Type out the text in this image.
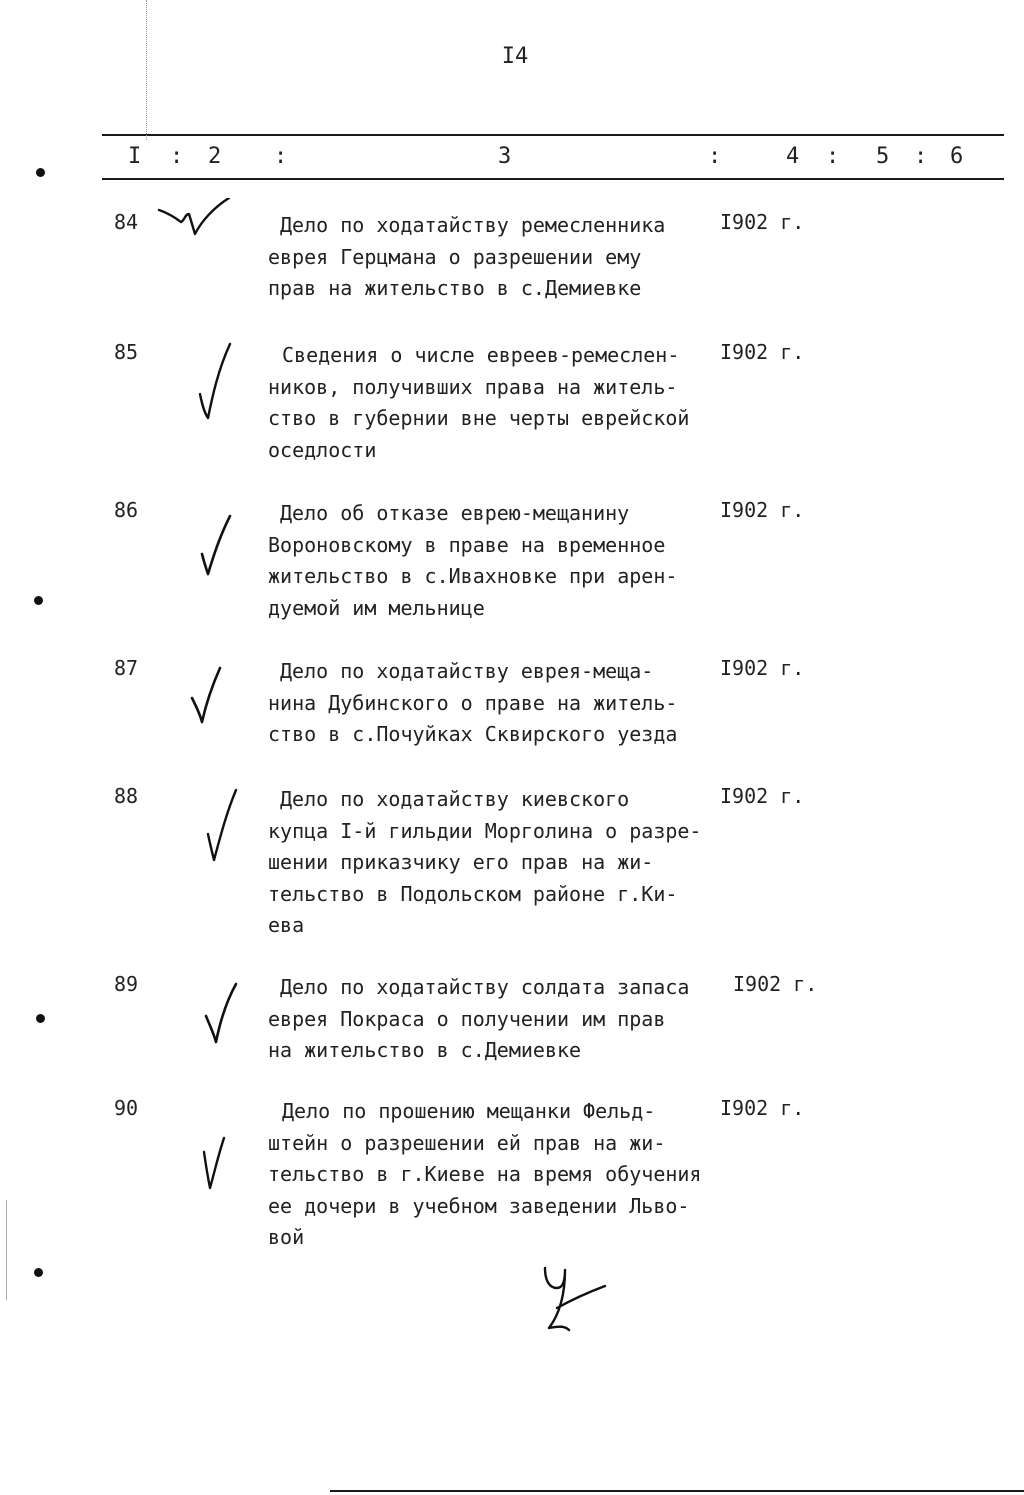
I4
I : 2 :	3	:	4 : 5 : 6
84	Дело по ходатайству ремесленника
еврея Герцмана о разрешении ему
прав на жительство в с.Демиевке
I902 г.
85	Сведения о числе евреев-ремеслен-
ников, получивших права на житель-
ство в губернии вне черты еврейской
оседлости
I902 г.
86	Дело об отказе еврею-мещанину
Вороновскому в праве на временное
жительство в с.Ивахновке при арен-
дуемой им мельнице
I902 г.
87	Дело по ходатайству еврея-меща-
нина Дубинского о праве на житель-
ство в с.Почуйках Сквирского уезда
I902 г.
88	Дело по ходатайству киевского
купца I-й гильдии Морголина о разре-
шении приказчику его прав на жи-
тельство в Подольском районе г.Ки-
ева
I902 г.
89	Дело по ходатайству солдата запаса
еврея Покраса о получении им прав
на жительство в с.Демиевке
I902 г.
90	Дело по прошению мещанки Фельд-
штейн о разрешении ей прав на жи-
тельство в г.Киеве на время обучения
ее дочери в учебном заведении Льво-
вой
I902 г.
